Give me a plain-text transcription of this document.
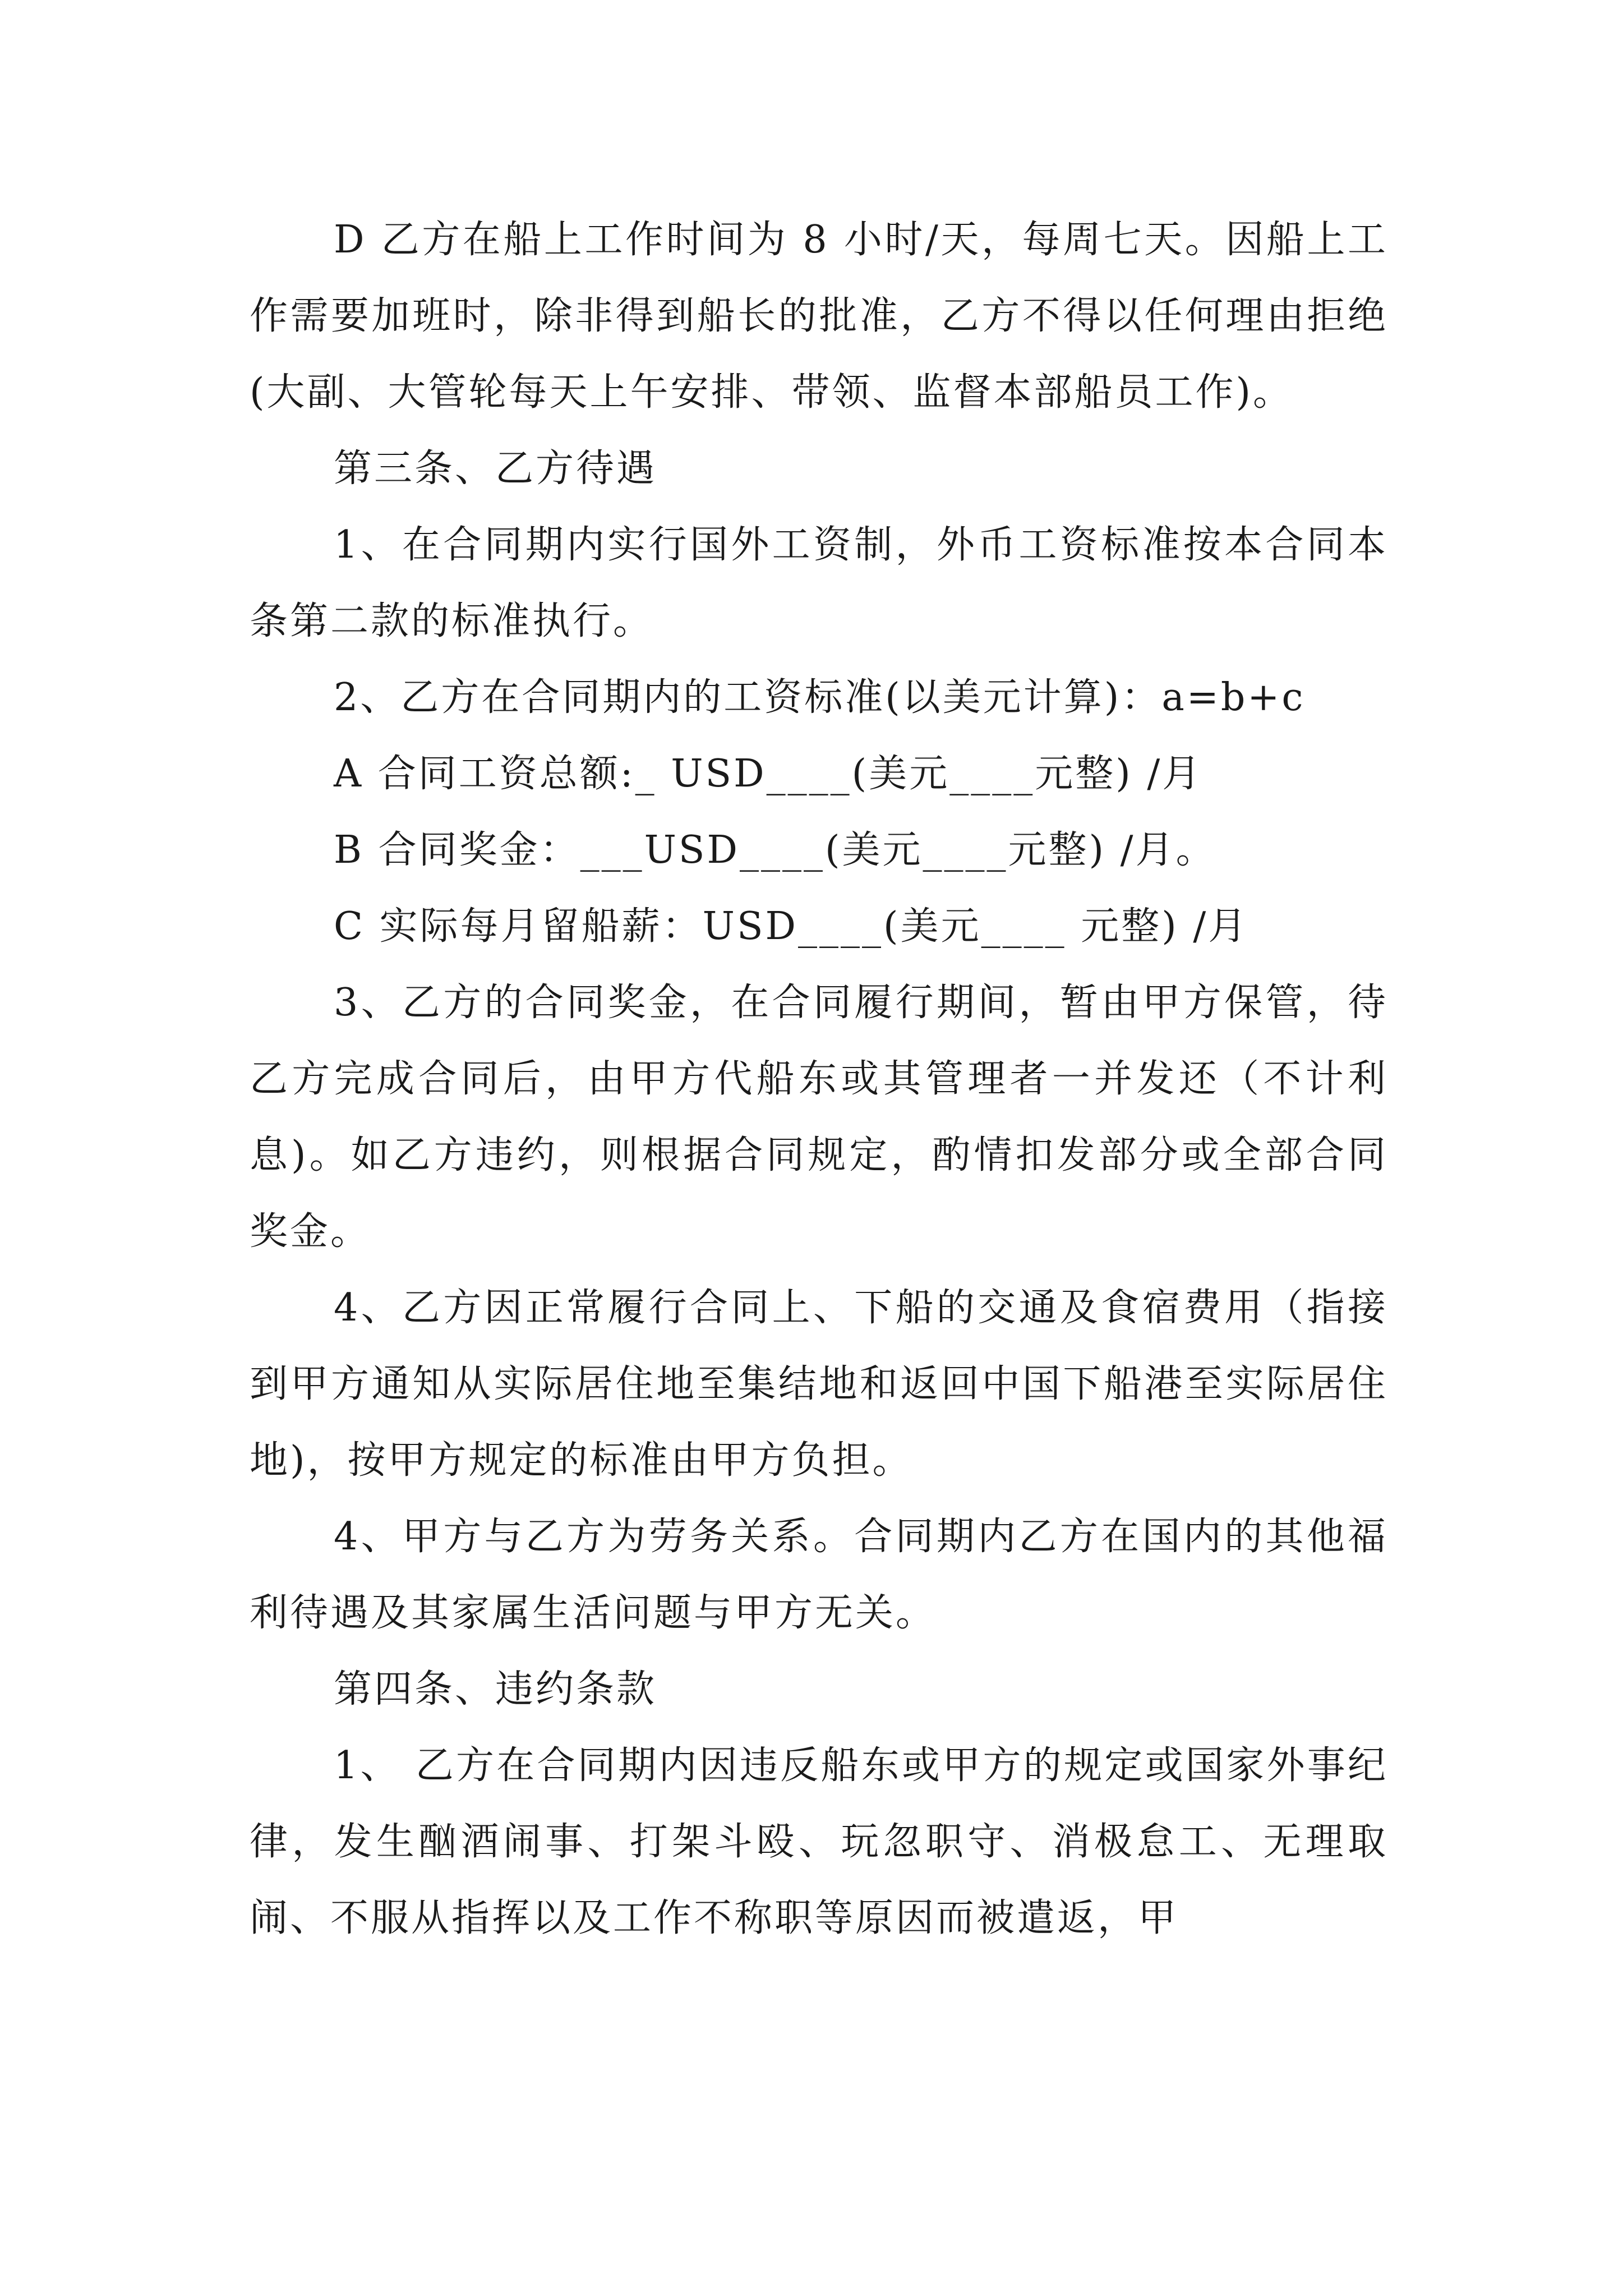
D 乙方在船上工作时间为 8 小时/天，每周七天。因船上工作需要加班时，除非得到船长的批准，乙方不得以任何理由拒绝(大副、大管轮每天上午安排、带领、监督本部船员工作)。

第三条、乙方待遇

1、在合同期内实行国外工资制，外币工资标准按本合同本条第二款的标准执行。

2、乙方在合同期内的工资标准(以美元计算)：a=b+c

A 合同工资总额:_ USD____(美元____元整) /月

B 合同奖金：___USD____(美元____元整) /月。

C 实际每月留船薪：USD____(美元____ 元整) /月

3、乙方的合同奖金，在合同履行期间，暂由甲方保管，待乙方完成合同后，由甲方代船东或其管理者一并发还（不计利息)。如乙方违约，则根据合同规定，酌情扣发部分或全部合同奖金。

4、乙方因正常履行合同上、下船的交通及食宿费用（指接到甲方通知从实际居住地至集结地和返回中国下船港至实际居住地)，按甲方规定的标准由甲方负担。

4、甲方与乙方为劳务关系。合同期内乙方在国内的其他福利待遇及其家属生活问题与甲方无关。

第四条、违约条款

1、 乙方在合同期内因违反船东或甲方的规定或国家外事纪律，发生酗酒闹事、打架斗殴、玩忽职守、消极怠工、无理取闹、不服从指挥以及工作不称职等原因而被遣返，甲
